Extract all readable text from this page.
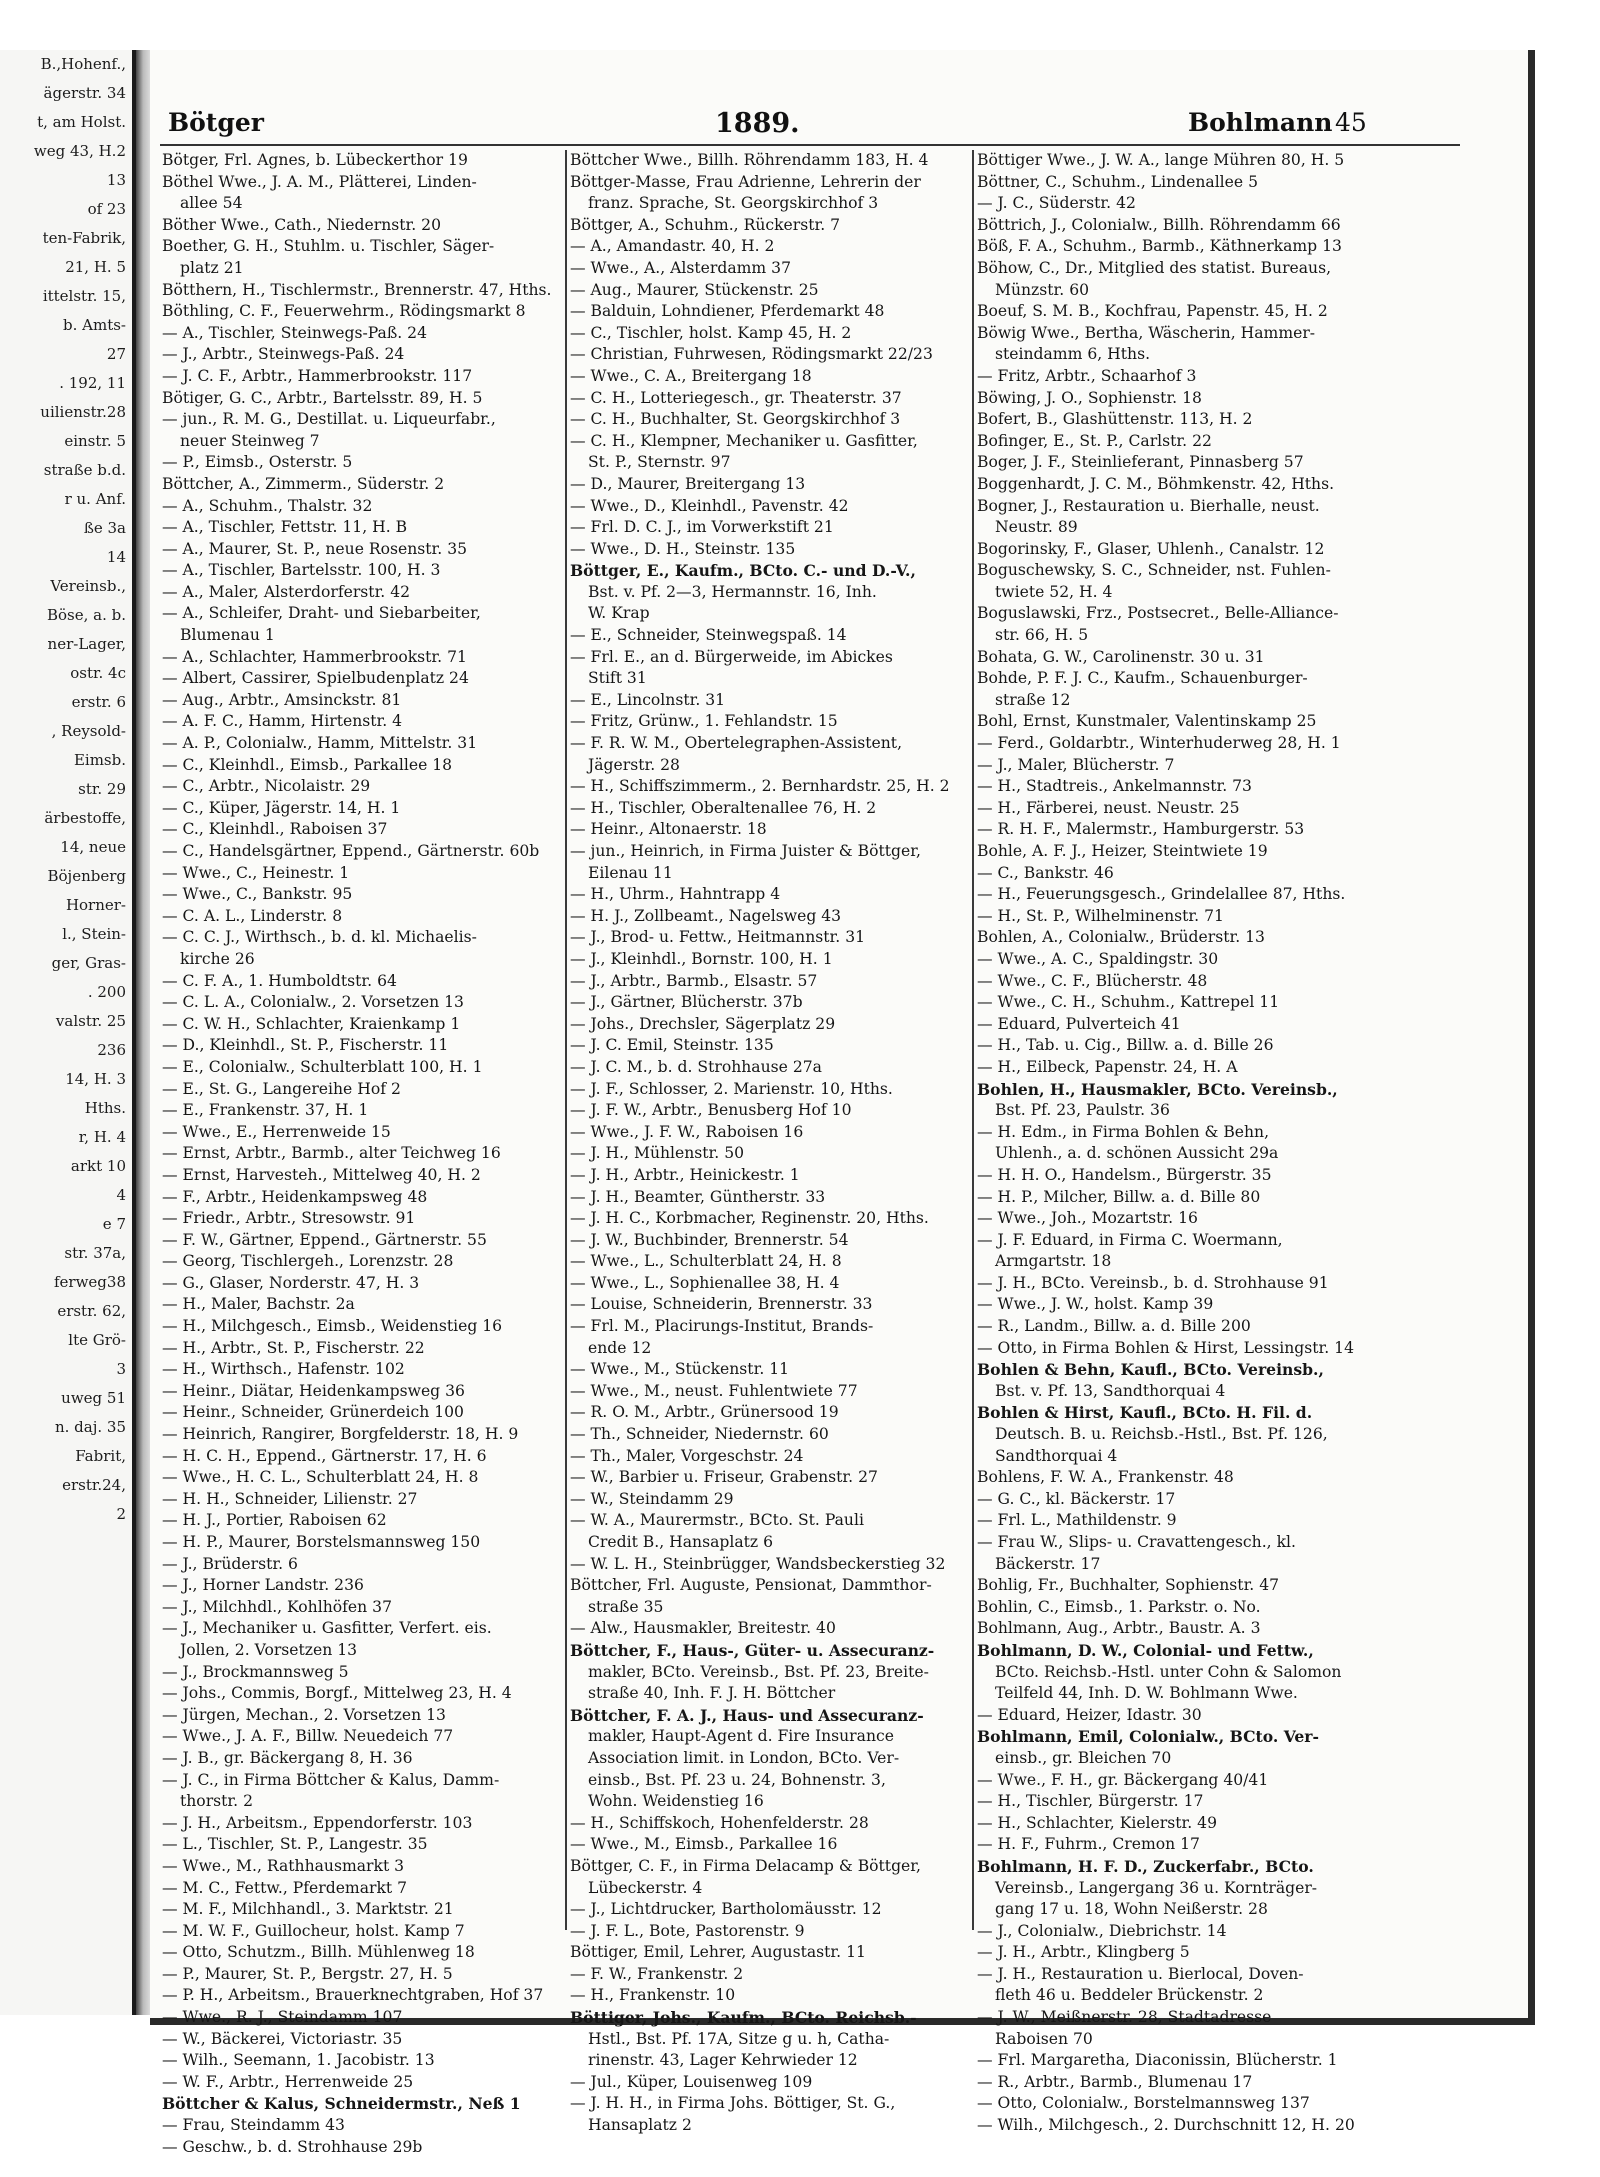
B.,Hohenf.,
ägerstr. 34
t, am Holst.
weg 43, H.2
13
of 23
ten-Fabrik,
21, H. 5
ittelstr. 15,
b. Amts-
27
. 192, 11
uilienstr.28
einstr. 5
straße b.d.
r u. Anf.
ße 3a
14
Vereinsb.,
Böse, a. b.
ner-Lager,
ostr. 4c
erstr. 6
, Reysold-
Eimsb.
str. 29
ärbestoffe,
14, neue
Böjenberg
Horner-
l., Stein-
ger, Gras-
. 200
valstr. 25
236
14, H. 3
Hths.
r, H. 4
arkt 10
4
e 7
str. 37a,
ferweg38
erstr. 62,
lte Grö-
3
uweg 51
n. daj. 35
Fabrit,
erstr.24,
2
Bötger	1889.	Bohlmann 45
Bötger, Frl. Agnes, b. Lübeckerthor 19
Böthel Wwe., J. A. M., Plätterei, Linden-
allee 54
Böther Wwe., Cath., Niedernstr. 20
Boether, G. H., Stuhlm. u. Tischler, Säger-
platz 21
Bötthern, H., Tischlermstr., Brennerstr. 47, Hths.
Böthling, C. F., Feuerwehrm., Rödingsmarkt 8
— A., Tischler, Steinwegs-Paß. 24
— J., Arbtr., Steinwegs-Paß. 24
— J. C. F., Arbtr., Hammerbrookstr. 117
Bötiger, G. C., Arbtr., Bartelsstr. 89, H. 5
— jun., R. M. G., Destillat. u. Liqueurfabr.,
neuer Steinweg 7
— P., Eimsb., Osterstr. 5
Böttcher, A., Zimmerm., Süderstr. 2
— A., Schuhm., Thalstr. 32
— A., Tischler, Fettstr. 11, H. B
— A., Maurer, St. P., neue Rosenstr. 35
— A., Tischler, Bartelsstr. 100, H. 3
— A., Maler, Alsterdorferstr. 42
— A., Schleifer, Draht- und Siebarbeiter,
Blumenau 1
— A., Schlachter, Hammerbrookstr. 71
— Albert, Cassirer, Spielbudenplatz 24
— Aug., Arbtr., Amsinckstr. 81
— A. F. C., Hamm, Hirtenstr. 4
— A. P., Colonialw., Hamm, Mittelstr. 31
— C., Kleinhdl., Eimsb., Parkallee 18
— C., Arbtr., Nicolaistr. 29
— C., Küper, Jägerstr. 14, H. 1
— C., Kleinhdl., Raboisen 37
— C., Handelsgärtner, Eppend., Gärtnerstr. 60b
— Wwe., C., Heinestr. 1
— Wwe., C., Bankstr. 95
— C. A. L., Linderstr. 8
— C. C. J., Wirthsch., b. d. kl. Michaelis-
kirche 26
— C. F. A., 1. Humboldtstr. 64
— C. L. A., Colonialw., 2. Vorsetzen 13
— C. W. H., Schlachter, Kraienkamp 1
— D., Kleinhdl., St. P., Fischerstr. 11
— E., Colonialw., Schulterblatt 100, H. 1
— E., St. G., Langereihe Hof 2
— E., Frankenstr. 37, H. 1
— Wwe., E., Herrenweide 15
— Ernst, Arbtr., Barmb., alter Teichweg 16
— Ernst, Harvesteh., Mittelweg 40, H. 2
— F., Arbtr., Heidenkampsweg 48
— Friedr., Arbtr., Stresowstr. 91
— F. W., Gärtner, Eppend., Gärtnerstr. 55
— Georg, Tischlergeh., Lorenzstr. 28
— G., Glaser, Norderstr. 47, H. 3
— H., Maler, Bachstr. 2a
— H., Milchgesch., Eimsb., Weidenstieg 16
— H., Arbtr., St. P., Fischerstr. 22
— H., Wirthsch., Hafenstr. 102
— Heinr., Diätar, Heidenkampsweg 36
— Heinr., Schneider, Grünerdeich 100
— Heinrich, Rangirer, Borgfelderstr. 18, H. 9
— H. C. H., Eppend., Gärtnerstr. 17, H. 6
— Wwe., H. C. L., Schulterblatt 24, H. 8
— H. H., Schneider, Lilienstr. 27
— H. J., Portier, Raboisen 62
— H. P., Maurer, Borstelsmannsweg 150
— J., Brüderstr. 6
— J., Horner Landstr. 236
— J., Milchhdl., Kohlhöfen 37
— J., Mechaniker u. Gasfitter, Verfert. eis.
Jollen, 2. Vorsetzen 13
— J., Brockmannsweg 5
— Johs., Commis, Borgf., Mittelweg 23, H. 4
— Jürgen, Mechan., 2. Vorsetzen 13
— Wwe., J. A. F., Billw. Neuedeich 77
— J. B., gr. Bäckergang 8, H. 36
— J. C., in Firma Böttcher & Kalus, Damm-
thorstr. 2
— J. H., Arbeitsm., Eppendorferstr. 103
— L., Tischler, St. P., Langestr. 35
— Wwe., M., Rathhausmarkt 3
— M. C., Fettw., Pferdemarkt 7
— M. F., Milchhandl., 3. Marktstr. 21
— M. W. F., Guillocheur, holst. Kamp 7
— Otto, Schutzm., Billh. Mühlenweg 18
— P., Maurer, St. P., Bergstr. 27, H. 5
— P. H., Arbeitsm., Brauerknechtgraben, Hof 37
— Wwe., R. J., Steindamm 107
— W., Bäckerei, Victoriastr. 35
— Wilh., Seemann, 1. Jacobistr. 13
— W. F., Arbtr., Herrenweide 25
Böttcher & Kalus, Schneidermstr., Neß 1
— Frau, Steindamm 43
— Geschw., b. d. Strohhause 29b
Böttcher Wwe., Billh. Röhrendamm 183, H. 4
Böttger-Masse, Frau Adrienne, Lehrerin der
franz. Sprache, St. Georgskirchhof 3
Böttger, A., Schuhm., Rückerstr. 7
— A., Amandastr. 40, H. 2
— Wwe., A., Alsterdamm 37
— Aug., Maurer, Stückenstr. 25
— Balduin, Lohndiener, Pferdemarkt 48
— C., Tischler, holst. Kamp 45, H. 2
— Christian, Fuhrwesen, Rödingsmarkt 22/23
— Wwe., C. A., Breitergang 18
— C. H., Lotteriegesch., gr. Theaterstr. 37
— C. H., Buchhalter, St. Georgskirchhof 3
— C. H., Klempner, Mechaniker u. Gasfitter,
St. P., Sternstr. 97
— D., Maurer, Breitergang 13
— Wwe., D., Kleinhdl., Pavenstr. 42
— Frl. D. C. J., im Vorwerkstift 21
— Wwe., D. H., Steinstr. 135
Böttger, E., Kaufm., BCto. C.- und D.-V.,
Bst. v. Pf. 2—3, Hermannstr. 16, Inh.
W. Krap
— E., Schneider, Steinwegspaß. 14
— Frl. E., an d. Bürgerweide, im Abickes
Stift 31
— E., Lincolnstr. 31
— Fritz, Grünw., 1. Fehlandstr. 15
— F. R. W. M., Obertelegraphen-Assistent,
Jägerstr. 28
— H., Schiffszimmerm., 2. Bernhardstr. 25, H. 2
— H., Tischler, Oberaltenallee 76, H. 2
— Heinr., Altonaerstr. 18
— jun., Heinrich, in Firma Juister & Böttger,
Eilenau 11
— H., Uhrm., Hahntrapp 4
— H. J., Zollbeamt., Nagelsweg 43
— J., Brod- u. Fettw., Heitmannstr. 31
— J., Kleinhdl., Bornstr. 100, H. 1
— J., Arbtr., Barmb., Elsastr. 57
— J., Gärtner, Blücherstr. 37b
— Johs., Drechsler, Sägerplatz 29
— J. C. Emil, Steinstr. 135
— J. C. M., b. d. Strohhause 27a
— J. F., Schlosser, 2. Marienstr. 10, Hths.
— J. F. W., Arbtr., Benusberg Hof 10
— Wwe., J. F. W., Raboisen 16
— J. H., Mühlenstr. 50
— J. H., Arbtr., Heinickestr. 1
— J. H., Beamter, Güntherstr. 33
— J. H. C., Korbmacher, Reginenstr. 20, Hths.
— J. W., Buchbinder, Brennerstr. 54
— Wwe., L., Schulterblatt 24, H. 8
— Wwe., L., Sophienallee 38, H. 4
— Louise, Schneiderin, Brennerstr. 33
— Frl. M., Placirungs-Institut, Brands-
ende 12
— Wwe., M., Stückenstr. 11
— Wwe., M., neust. Fuhlentwiete 77
— R. O. M., Arbtr., Grünersood 19
— Th., Schneider, Niedernstr. 60
— Th., Maler, Vorgeschstr. 24
— W., Barbier u. Friseur, Grabenstr. 27
— W., Steindamm 29
— W. A., Maurermstr., BCto. St. Pauli
Credit B., Hansaplatz 6
— W. L. H., Steinbrügger, Wandsbeckerstieg 32
Böttcher, Frl. Auguste, Pensionat, Dammthor-
straße 35
— Alw., Hausmakler, Breitestr. 40
Böttcher, F., Haus-, Güter- u. Assecuranz-
makler, BCto. Vereinsb., Bst. Pf. 23, Breite-
straße 40, Inh. F. J. H. Böttcher
Böttcher, F. A. J., Haus- und Assecuranz-
makler, Haupt-Agent d. Fire Insurance
Association limit. in London, BCto. Ver-
einsb., Bst. Pf. 23 u. 24, Bohnenstr. 3,
Wohn. Weidenstieg 16
— H., Schiffskoch, Hohenfelderstr. 28
— Wwe., M., Eimsb., Parkallee 16
Böttger, C. F., in Firma Delacamp & Böttger,
Lübeckerstr. 4
— J., Lichtdrucker, Bartholomäusstr. 12
— J. F. L., Bote, Pastorenstr. 9
Böttiger, Emil, Lehrer, Augustastr. 11
— F. W., Frankenstr. 2
— H., Frankenstr. 10
Böttiger, Johs., Kaufm., BCto. Reichsb.-
Hstl., Bst. Pf. 17A, Sitze g u. h, Catha-
rinenstr. 43, Lager Kehrwieder 12
— Jul., Küper, Louisenweg 109
— J. H. H., in Firma Johs. Böttiger, St. G.,
Hansaplatz 2
Böttiger Wwe., J. W. A., lange Mühren 80, H. 5
Böttner, C., Schuhm., Lindenallee 5
— J. C., Süderstr. 42
Böttrich, J., Colonialw., Billh. Röhrendamm 66
Böß, F. A., Schuhm., Barmb., Käthnerkamp 13
Böhow, C., Dr., Mitglied des statist. Bureaus,
Münzstr. 60
Boeuf, S. M. B., Kochfrau, Papenstr. 45, H. 2
Böwig Wwe., Bertha, Wäscherin, Hammer-
steindamm 6, Hths.
— Fritz, Arbtr., Schaarhof 3
Böwing, J. O., Sophienstr. 18
Bofert, B., Glashüttenstr. 113, H. 2
Bofinger, E., St. P., Carlstr. 22
Boger, J. F., Steinlieferant, Pinnasberg 57
Boggenhardt, J. C. M., Böhmkenstr. 42, Hths.
Bogner, J., Restauration u. Bierhalle, neust.
Neustr. 89
Bogorinsky, F., Glaser, Uhlenh., Canalstr. 12
Boguschewsky, S. C., Schneider, nst. Fuhlen-
twiete 52, H. 4
Boguslawski, Frz., Postsecret., Belle-Alliance-
str. 66, H. 5
Bohata, G. W., Carolinenstr. 30 u. 31
Bohde, P. F. J. C., Kaufm., Schauenburger-
straße 12
Bohl, Ernst, Kunstmaler, Valentinskamp 25
— Ferd., Goldarbtr., Winterhuderweg 28, H. 1
— J., Maler, Blücherstr. 7
— H., Stadtreis., Ankelmannstr. 73
— H., Färberei, neust. Neustr. 25
— R. H. F., Malermstr., Hamburgerstr. 53
Bohle, A. F. J., Heizer, Steintwiete 19
— C., Bankstr. 46
— H., Feuerungsgesch., Grindelallee 87, Hths.
— H., St. P., Wilhelminenstr. 71
Bohlen, A., Colonialw., Brüderstr. 13
— Wwe., A. C., Spaldingstr. 30
— Wwe., C. F., Blücherstr. 48
— Wwe., C. H., Schuhm., Kattrepel 11
— Eduard, Pulverteich 41
— H., Tab. u. Cig., Billw. a. d. Bille 26
— H., Eilbeck, Papenstr. 24, H. A
Bohlen, H., Hausmakler, BCto. Vereinsb.,
Bst. Pf. 23, Paulstr. 36
— H. Edm., in Firma Bohlen & Behn,
Uhlenh., a. d. schönen Aussicht 29a
— H. H. O., Handelsm., Bürgerstr. 35
— H. P., Milcher, Billw. a. d. Bille 80
— Wwe., Joh., Mozartstr. 16
— J. F. Eduard, in Firma C. Woermann,
Armgartstr. 18
— J. H., BCto. Vereinsb., b. d. Strohhause 91
— Wwe., J. W., holst. Kamp 39
— R., Landm., Billw. a. d. Bille 200
— Otto, in Firma Bohlen & Hirst, Lessingstr. 14
Bohlen & Behn, Kaufl., BCto. Vereinsb.,
Bst. v. Pf. 13, Sandthorquai 4
Bohlen & Hirst, Kaufl., BCto. H. Fil. d.
Deutsch. B. u. Reichsb.-Hstl., Bst. Pf. 126,
Sandthorquai 4
Bohlens, F. W. A., Frankenstr. 48
— G. C., kl. Bäckerstr. 17
— Frl. L., Mathildenstr. 9
— Frau W., Slips- u. Cravattengesch., kl.
Bäckerstr. 17
Bohlig, Fr., Buchhalter, Sophienstr. 47
Bohlin, C., Eimsb., 1. Parkstr. o. No.
Bohlmann, Aug., Arbtr., Baustr. A. 3
Bohlmann, D. W., Colonial- und Fettw.,
BCto. Reichsb.-Hstl. unter Cohn & Salomon
Teilfeld 44, Inh. D. W. Bohlmann Wwe.
— Eduard, Heizer, Idastr. 30
Bohlmann, Emil, Colonialw., BCto. Ver-
einsb., gr. Bleichen 70
— Wwe., F. H., gr. Bäckergang 40/41
— H., Tischler, Bürgerstr. 17
— H., Schlachter, Kielerstr. 49
— H. F., Fuhrm., Cremon 17
Bohlmann, H. F. D., Zuckerfabr., BCto.
Vereinsb., Langergang 36 u. Kornträger-
gang 17 u. 18, Wohn Neißerstr. 28
— J., Colonialw., Diebrichstr. 14
— J. H., Arbtr., Klingberg 5
— J. H., Restauration u. Bierlocal, Doven-
fleth 46 u. Beddeler Brückenstr. 2
— J. W., Meißnerstr. 28, Stadtadresse
Raboisen 70
— Frl. Margaretha, Diaconissin, Blücherstr. 1
— R., Arbtr., Barmb., Blumenau 17
— Otto, Colonialw., Borstelmannsweg 137
— Wilh., Milchgesch., 2. Durchschnitt 12, H. 20
